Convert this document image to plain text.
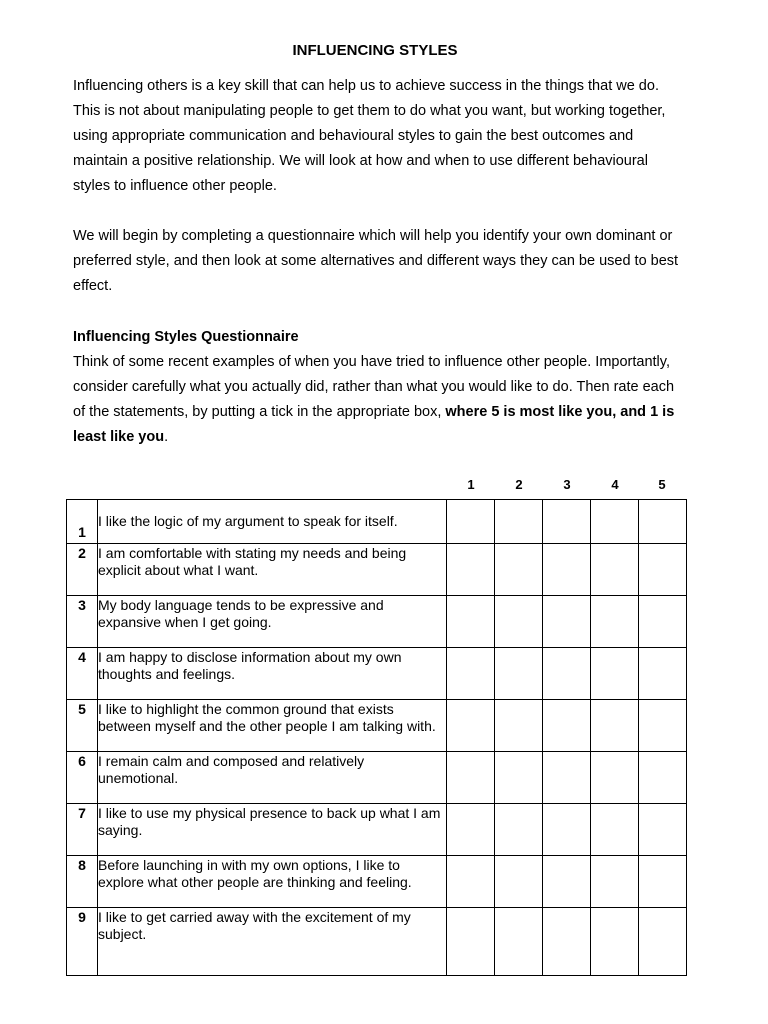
INFLUENCING STYLES
Influencing others is a key skill that can help us to achieve success in the things that we do. This is not about manipulating people to get them to do what you want, but working together, using appropriate communication and behavioural styles to gain the best outcomes and maintain a positive relationship. We will look at how and when to use different behavioural styles to influence other people.
We will begin by completing a questionnaire which will help you identify your own dominant or preferred style, and then look at some alternatives and different ways they can be used to best effect.
Influencing Styles Questionnaire
Think of some recent examples of when you have tried to influence other people. Importantly, consider carefully what you actually did, rather than what you would like to do. Then rate each of the statements, by putting a tick in the appropriate box, where 5 is most like you, and 1 is least like you.
1	2	3	4	5
1	I like the logic of my argument to speak for itself.					
2	I am comfortable with stating my needs and being explicit about what I want.					
3	My body language tends to be expressive and expansive when I get going.					
4	I am happy to disclose information about my own thoughts and feelings.					
5	I like to highlight the common ground that exists between myself and the other people I am talking with.					
6	I remain calm and composed and relatively unemotional.					
7	I like to use my physical presence to back up what I am saying.					
8	Before launching in with my own options, I like to explore what other people are thinking and feeling.					
9	I like to get carried away with the excitement of my subject.					
